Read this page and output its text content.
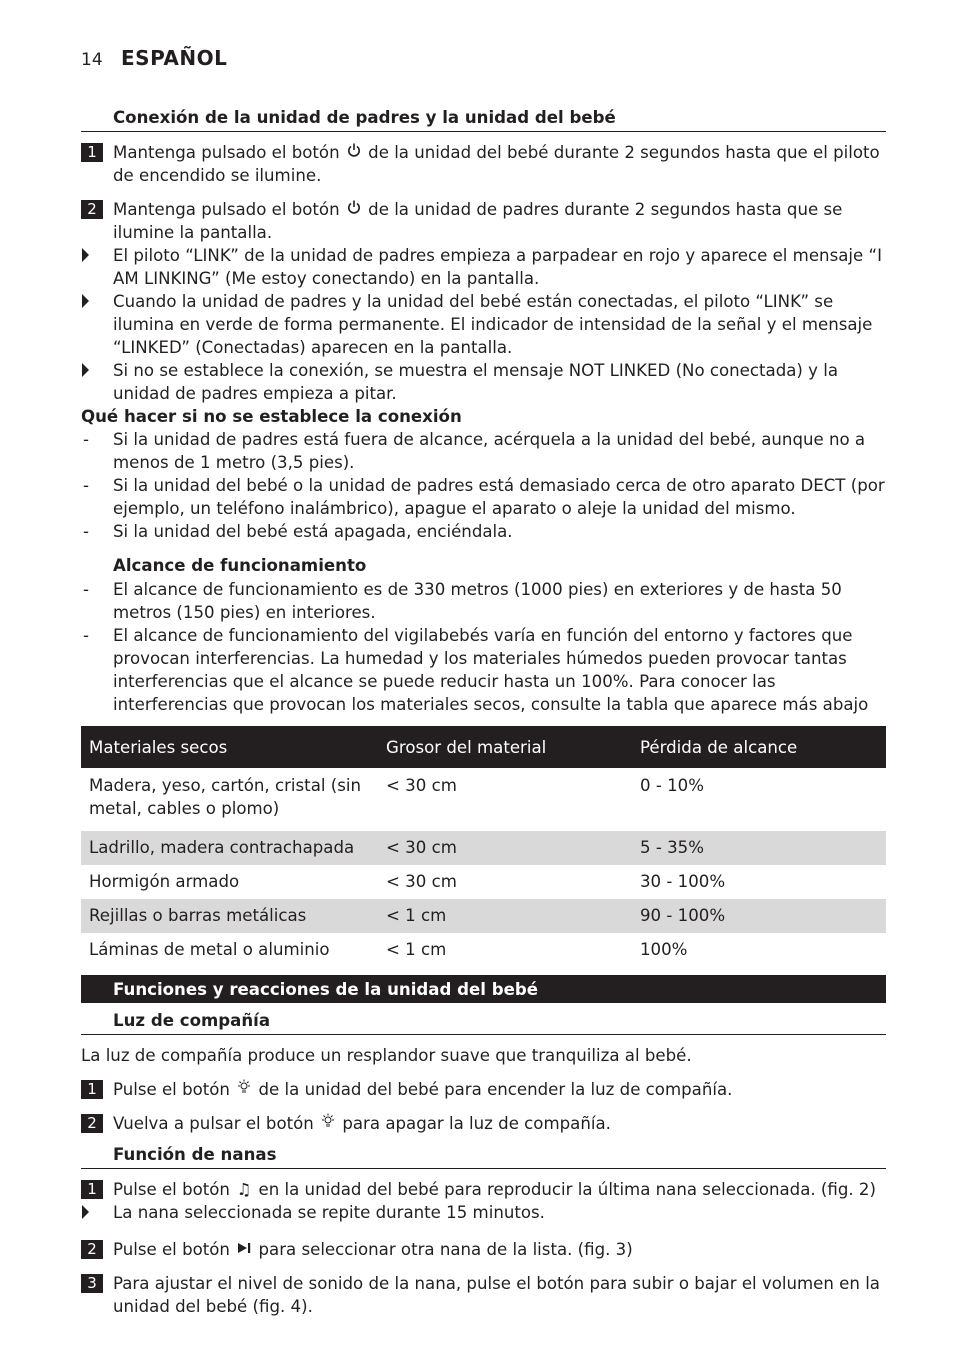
14 ESPAÑOL
Conexión de la unidad de padres y la unidad del bebé
1 Mantenga pulsado el botón de la unidad del bebé durante 2 segundos hasta que el piloto de encendido se ilumine.
2 Mantenga pulsado el botón de la unidad de padres durante 2 segundos hasta que se ilumine la pantalla.
El piloto “LINK” de la unidad de padres empieza a parpadear en rojo y aparece el mensaje “I AM LINKING” (Me estoy conectando) en la pantalla.
Cuando la unidad de padres y la unidad del bebé están conectadas, el piloto “LINK” se ilumina en verde de forma permanente. El indicador de intensidad de la señal y el mensaje “LINKED” (Conectadas) aparecen en la pantalla.
Si no se establece la conexión, se muestra el mensaje NOT LINKED (No conectada) y la unidad de padres empieza a pitar.
Qué hacer si no se establece la conexión
-	Si la unidad de padres está fuera de alcance, acérquela a la unidad del bebé, aunque no a menos de 1 metro (3,5 pies).
-	Si la unidad del bebé o la unidad de padres está demasiado cerca de otro aparato DECT (por ejemplo, un teléfono inalámbrico), apague el aparato o aleje la unidad del mismo.
-	Si la unidad del bebé está apagada, enciéndala.
Alcance de funcionamiento
-	El alcance de funcionamiento es de 330 metros (1000 pies) en exteriores y de hasta 50 metros (150 pies) en interiores.
-	El alcance de funcionamiento del vigilabebés varía en función del entorno y factores que provocan interferencias. La humedad y los materiales húmedos pueden provocar tantas interferencias que el alcance se puede reducir hasta un 100%. Para conocer las interferencias que provocan los materiales secos, consulte la tabla que aparece más abajo
Materiales secos	Grosor del material	Pérdida de alcance
Madera, yeso, cartón, cristal (sin metal, cables o plomo)	< 30 cm	0 - 10%
Ladrillo, madera contrachapada	< 30 cm	5 - 35%
Hormigón armado	< 30 cm	30 - 100%
Rejillas o barras metálicas	< 1 cm	90 - 100%
Láminas de metal o aluminio	< 1 cm	100%
Funciones y reacciones de la unidad del bebé
Luz de compañía
La luz de compañía produce un resplandor suave que tranquiliza al bebé.
1 Pulse el botón de la unidad del bebé para encender la luz de compañía.
2 Vuelva a pulsar el botón para apagar la luz de compañía.
Función de nanas
1 Pulse el botón ♫ en la unidad del bebé para reproducir la última nana seleccionada. (fig. 2)
La nana seleccionada se repite durante 15 minutos.
2 Pulse el botón para seleccionar otra nana de la lista. (fig. 3)
3 Para ajustar el nivel de sonido de la nana, pulse el botón para subir o bajar el volumen en la unidad del bebé (fig. 4).
